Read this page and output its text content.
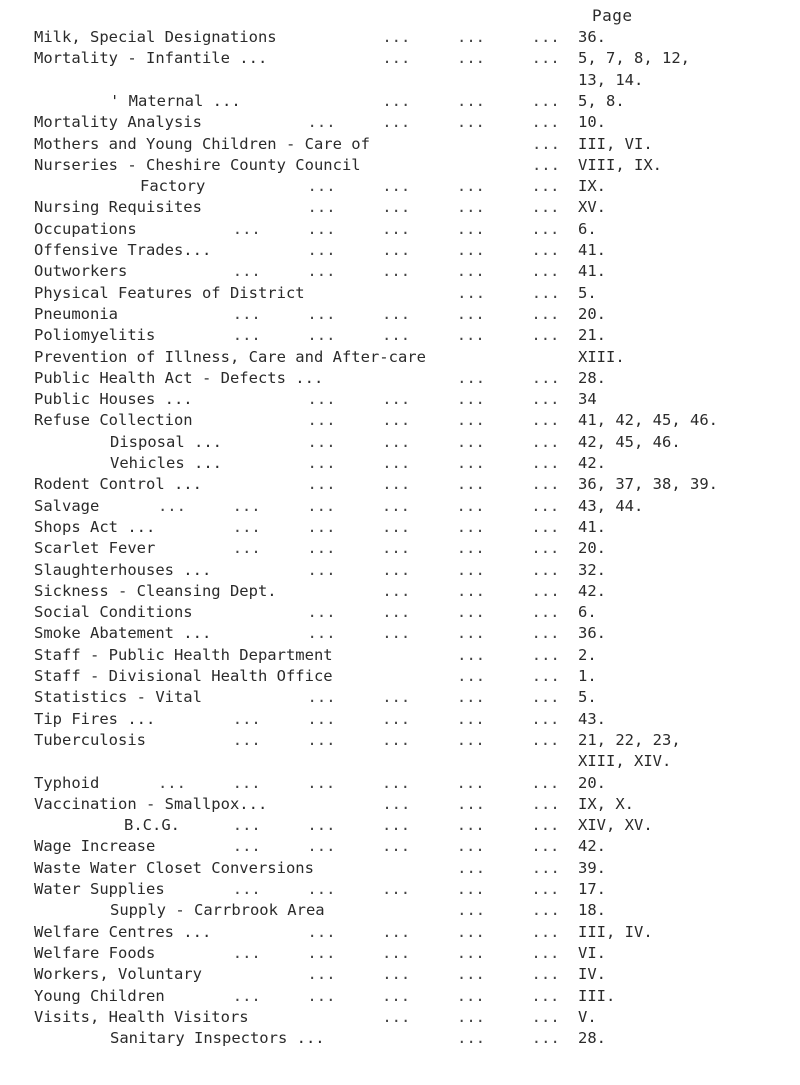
Page
Milk, Special Designations	...     ...     ... 36.
Mortality - Infantile ...	...     ...     ... 5, 7, 8, 12,
13, 14.
' Maternal ...	...     ...     ... 5, 8.
Mortality Analysis	...     ...     ...     ... 10.
Mothers and Young Children - Care of	... III, VI.
Nurseries - Cheshire County Council	... VIII, IX.
Factory	...     ...     ...     ... IX.
Nursing Requisites	...     ...     ...     ... XV.
Occupations	...     ...     ...     ...     ... 6.
Offensive Trades...	...     ...     ...     ... 41.
Outworkers	...     ...     ...     ...     ... 41.
Physical Features of District	...     ... 5.
Pneumonia	...     ...     ...     ...     ... 20.
Poliomyelitis	...     ...     ...     ...     ... 21.
Prevention of Illness, Care and After-care	XIII.
Public Health Act - Defects ...	...     ... 28.
Public Houses ...	...     ...     ...     ... 34
Refuse Collection	...     ...     ...     ... 41, 42, 45, 46.
Disposal ...	...     ...     ...     ... 42, 45, 46.
Vehicles ...	...     ...     ...     ... 42.
Rodent Control ...	...     ...     ...     ... 36, 37, 38, 39.
Salvage	...     ...     ...     ...     ...     ... 43, 44.
Shops Act ...	...     ...     ...     ...     ... 41.
Scarlet Fever	...     ...     ...     ...     ... 20.
Slaughterhouses ...	...     ...     ...     ... 32.
Sickness - Cleansing Dept.	...     ...     ... 42.
Social Conditions	...     ...     ...     ... 6.
Smoke Abatement ...	...     ...     ...     ... 36.
Staff - Public Health Department	...     ... 2.
Staff - Divisional Health Office	...     ... 1.
Statistics - Vital	...     ...     ...     ... 5.
Tip Fires ...	...     ...     ...     ...     ... 43.
Tuberculosis	...     ...     ...     ...     ... 21, 22, 23,
XIII, XIV.
Typhoid	...     ...     ...     ...     ...     ... 20.
Vaccination - Smallpox...	...     ...     ... IX, X.
B.C.G.	...     ...     ...     ...     ... XIV, XV.
Wage Increase	...     ...     ...     ...     ... 42.
Waste Water Closet Conversions	...     ... 39.
Water Supplies	...     ...     ...     ...     ... 17.
Supply - Carrbrook Area	...     ... 18.
Welfare Centres ...	...     ...     ...     ... III, IV.
Welfare Foods	...     ...     ...     ...     ... VI.
Workers, Voluntary	...     ...     ...     ... IV.
Young Children	...     ...     ...     ...     ... III.
Visits, Health Visitors	...     ...     ... V.
Sanitary Inspectors ...	...     ... 28.
